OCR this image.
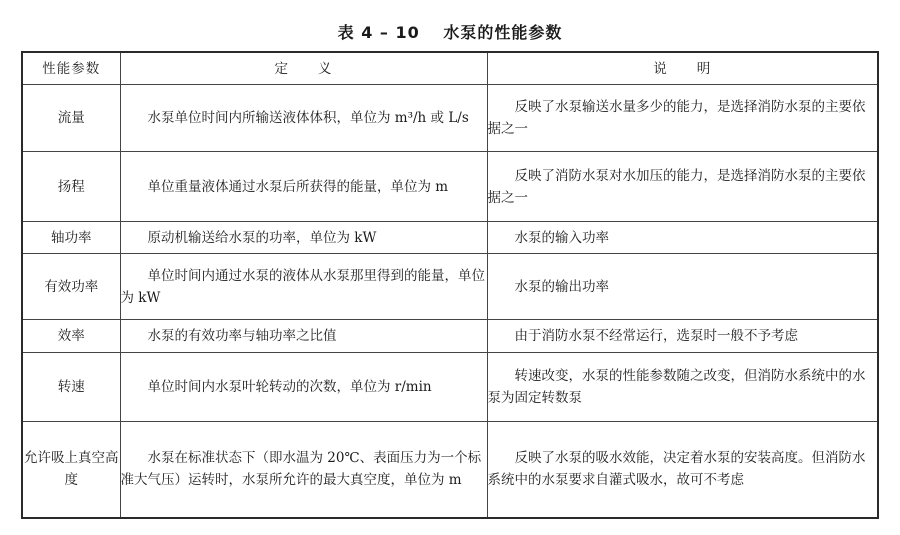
表 4 – 10　 水泵的性能参数
性能参数	定　　义	说　　明
流量	水泵单位时间内所输送液体体积，单位为 m³/h 或 L/s	反映了水泵输送水量多少的能力，是选择消防水泵的主要依据之一
扬程	单位重量液体通过水泵后所获得的能量，单位为 m	反映了消防水泵对水加压的能力，是选择消防水泵的主要依据之一
轴功率	原动机输送给水泵的功率，单位为 kW	水泵的输入功率
有效功率	单位时间内通过水泵的液体从水泵那里得到的能量，单位为 kW	水泵的输出功率
效率	水泵的有效功率与轴功率之比值	由于消防水泵不经常运行，选泵时一般不予考虑
转速	单位时间内水泵叶轮转动的次数，单位为 r/min	转速改变，水泵的性能参数随之改变，但消防水系统中的水泵为固定转数泵
允许吸上真空高度	水泵在标准状态下（即水温为 20℃、表面压力为一个标准大气压）运转时，水泵所允许的最大真空度，单位为 m	反映了水泵的吸水效能，决定着水泵的安装高度。但消防水系统中的水泵要求自灌式吸水，故可不考虑
